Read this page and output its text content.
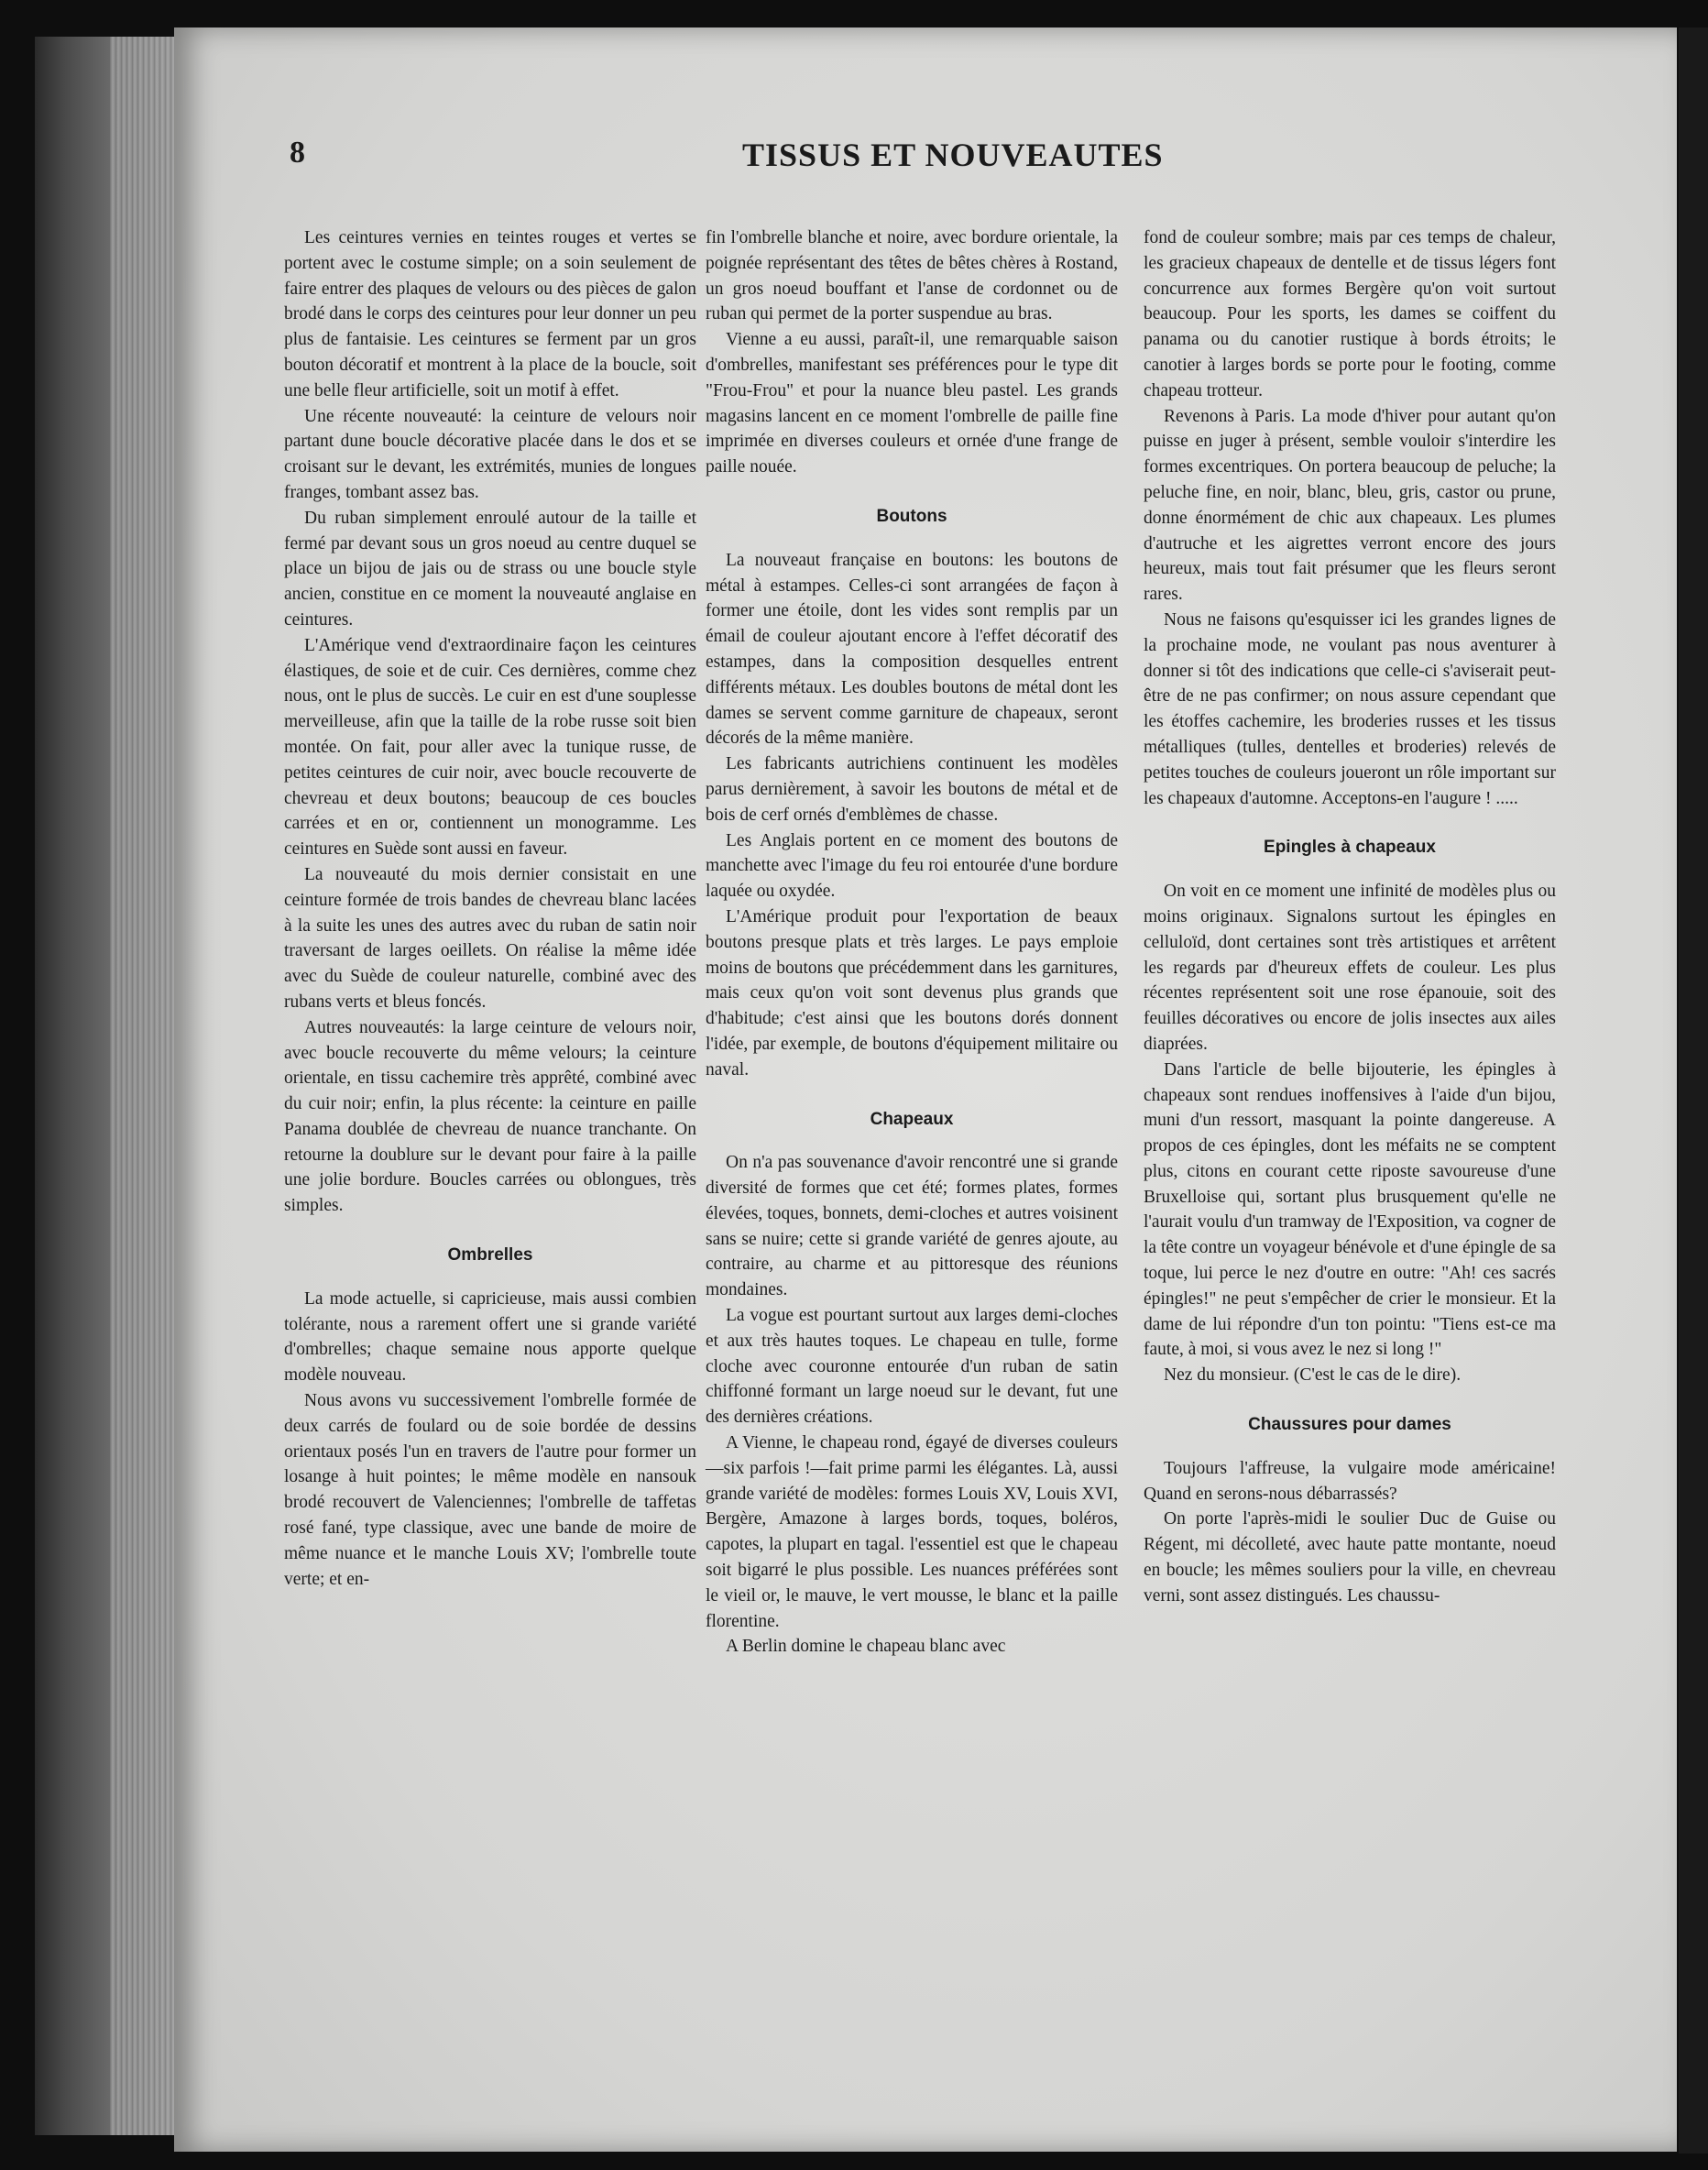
8	TISSUS ET NOUVEAUTES

Les ceintures vernies en teintes rouges et vertes se portent avec le costume simple; on a soin seulement de faire entrer des plaques de velours ou des pièces de galon brodé dans le corps des ceintures pour leur donner un peu plus de fantaisie. Les ceintures se ferment par un gros bouton décoratif et montrent à la place de la boucle, soit une belle fleur artificielle, soit un motif à effet.

Une récente nouveauté: la ceinture de velours noir partant dune boucle décorative placée dans le dos et se croisant sur le devant, les extrémités, munies de longues franges, tombant assez bas.

Du ruban simplement enroulé autour de la taille et fermé par devant sous un gros noeud au centre duquel se place un bijou de jais ou de strass ou une boucle style ancien, constitue en ce moment la nouveauté anglaise en ceintures.

L'Amérique vend d'extraordinaire façon les ceintures élastiques, de soie et de cuir. Ces dernières, comme chez nous, ont le plus de succès. Le cuir en est d'une souplesse merveilleuse, afin que la taille de la robe russe soit bien montée. On fait, pour aller avec la tunique russe, de petites ceintures de cuir noir, avec boucle recouverte de chevreau et deux boutons; beaucoup de ces boucles carrées et en or, contiennent un monogramme. Les ceintures en Suède sont aussi en faveur.

La nouveauté du mois dernier consistait en une ceinture formée de trois bandes de chevreau blanc lacées à la suite les unes des autres avec du ruban de satin noir traversant de larges oeillets. On réalise la même idée avec du Suède de couleur naturelle, combiné avec des rubans verts et bleus foncés.

Autres nouveautés: la large ceinture de velours noir, avec boucle recouverte du même velours; la ceinture orientale, en tissu cachemire très apprêté, combiné avec du cuir noir; enfin, la plus récente: la ceinture en paille Panama doublée de chevreau de nuance tranchante. On retourne la doublure sur le devant pour faire à la paille une jolie bordure. Boucles carrées ou oblongues, très simples.

Ombrelles

La mode actuelle, si capricieuse, mais aussi combien tolérante, nous a rarement offert une si grande variété d'ombrelles; chaque semaine nous apporte quelque modèle nouveau.

Nous avons vu successivement l'ombrelle formée de deux carrés de foulard ou de soie bordée de dessins orientaux posés l'un en travers de l'autre pour former un losange à huit pointes; le même modèle en nansouk brodé recouvert de Valenciennes; l'ombrelle de taffetas rosé fané, type classique, avec une bande de moire de même nuance et le manche Louis XV; l'ombrelle toute verte; et en-

fin l'ombrelle blanche et noire, avec bordure orientale, la poignée représentant des têtes de bêtes chères à Rostand, un gros noeud bouffant et l'anse de cordonnet ou de ruban qui permet de la porter suspendue au bras.

Vienne a eu aussi, paraît-il, une remarquable saison d'ombrelles, manifestant ses préférences pour le type dit "Frou-Frou" et pour la nuance bleu pastel. Les grands magasins lancent en ce moment l'ombrelle de paille fine imprimée en diverses couleurs et ornée d'une frange de paille nouée.

Boutons

La nouveaut française en boutons: les boutons de métal à estampes. Celles-ci sont arrangées de façon à former une étoile, dont les vides sont remplis par un émail de couleur ajoutant encore à l'effet décoratif des estampes, dans la composition desquelles entrent différents métaux. Les doubles boutons de métal dont les dames se servent comme garniture de chapeaux, seront décorés de la même manière.

Les fabricants autrichiens continuent les modèles parus dernièrement, à savoir les boutons de métal et de bois de cerf ornés d'emblèmes de chasse.

Les Anglais portent en ce moment des boutons de manchette avec l'image du feu roi entourée d'une bordure laquée ou oxydée.

L'Amérique produit pour l'exportation de beaux boutons presque plats et très larges. Le pays emploie moins de boutons que précédemment dans les garnitures, mais ceux qu'on voit sont devenus plus grands que d'habitude; c'est ainsi que les boutons dorés donnent l'idée, par exemple, de boutons d'équipement militaire ou naval.

Chapeaux

On n'a pas souvenance d'avoir rencontré une si grande diversité de formes que cet été; formes plates, formes élevées, toques, bonnets, demi-cloches et autres voisinent sans se nuire; cette si grande variété de genres ajoute, au contraire, au charme et au pittoresque des réunions mondaines.

La vogue est pourtant surtout aux larges demi-cloches et aux très hautes toques. Le chapeau en tulle, forme cloche avec couronne entourée d'un ruban de satin chiffonné formant un large noeud sur le devant, fut une des dernières créations.

A Vienne, le chapeau rond, égayé de diverses couleurs—six parfois !—fait prime parmi les élégantes. Là, aussi grande variété de modèles: formes Louis XV, Louis XVI, Bergère, Amazone à larges bords, toques, boléros, capotes, la plupart en tagal. l'essentiel est que le chapeau soit bigarré le plus possible. Les nuances préférées sont le vieil or, le mauve, le vert mousse, le blanc et la paille florentine.

A Berlin domine le chapeau blanc avec

fond de couleur sombre; mais par ces temps de chaleur, les gracieux chapeaux de dentelle et de tissus légers font concurrence aux formes Bergère qu'on voit surtout beaucoup. Pour les sports, les dames se coiffent du panama ou du canotier rustique à bords étroits; le canotier à larges bords se porte pour le footing, comme chapeau trotteur.

Revenons à Paris. La mode d'hiver pour autant qu'on puisse en juger à présent, semble vouloir s'interdire les formes excentriques. On portera beaucoup de peluche; la peluche fine, en noir, blanc, bleu, gris, castor ou prune, donne énormément de chic aux chapeaux. Les plumes d'autruche et les aigrettes verront encore des jours heureux, mais tout fait présumer que les fleurs seront rares.

Nous ne faisons qu'esquisser ici les grandes lignes de la prochaine mode, ne voulant pas nous aventurer à donner si tôt des indications que celle-ci s'aviserait peut-être de ne pas confirmer; on nous assure cependant que les étoffes cachemire, les broderies russes et les tissus métalliques (tulles, dentelles et broderies) relevés de petites touches de couleurs joueront un rôle important sur les chapeaux d'automne. Acceptons-en l'augure ! .....

Epingles à chapeaux

On voit en ce moment une infinité de modèles plus ou moins originaux. Signalons surtout les épingles en celluloïd, dont certaines sont très artistiques et arrêtent les regards par d'heureux effets de couleur. Les plus récentes représentent soit une rose épanouie, soit des feuilles décoratives ou encore de jolis insectes aux ailes diaprées.

Dans l'article de belle bijouterie, les épingles à chapeaux sont rendues inoffensives à l'aide d'un bijou, muni d'un ressort, masquant la pointe dangereuse. A propos de ces épingles, dont les méfaits ne se comptent plus, citons en courant cette riposte savoureuse d'une Bruxelloise qui, sortant plus brusquement qu'elle ne l'aurait voulu d'un tramway de l'Exposition, va cogner de la tête contre un voyageur bénévole et d'une épingle de sa toque, lui perce le nez d'outre en outre: "Ah! ces sacrés épingles!" ne peut s'empêcher de crier le monsieur. Et la dame de lui répondre d'un ton pointu: "Tiens est-ce ma faute, à moi, si vous avez le nez si long !"

Nez du monsieur. (C'est le cas de le dire).

Chaussures pour dames

Toujours l'affreuse, la vulgaire mode américaine! Quand en serons-nous débarrassés?

On porte l'après-midi le soulier Duc de Guise ou Régent, mi décolleté, avec haute patte montante, noeud en boucle; les mêmes souliers pour la ville, en chevreau verni, sont assez distingués. Les chaussu-
